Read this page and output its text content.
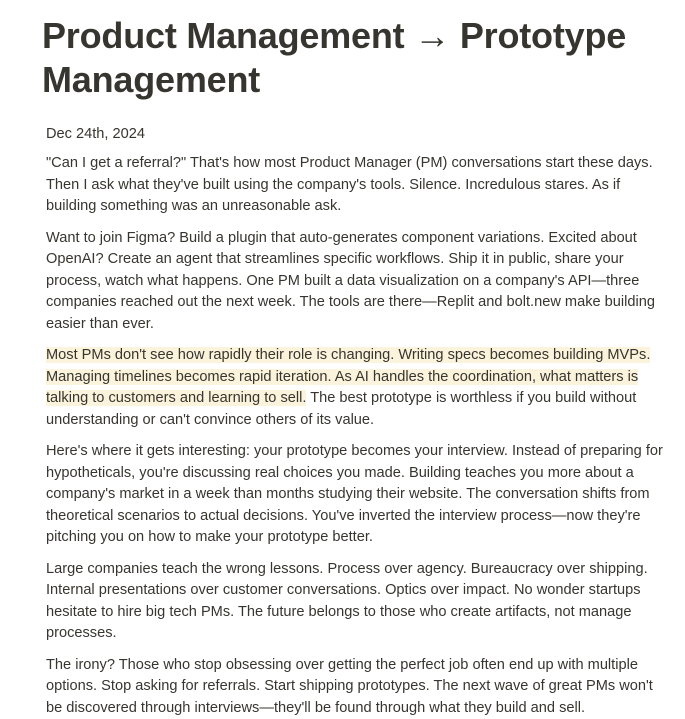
Product Management → Prototype Management
Dec 24th, 2024

"Can I get a referral?" That's how most Product Manager (PM) conversations start these days. Then I ask what they've built using the company's tools. Silence. Incredulous stares. As if building something was an unreasonable ask.

Want to join Figma? Build a plugin that auto-generates component variations. Excited about OpenAI? Create an agent that streamlines specific workflows. Ship it in public, share your process, watch what happens. One PM built a data visualization on a company's API—three companies reached out the next week. The tools are there—Replit and bolt.new make building easier than ever.

Most PMs don't see how rapidly their role is changing. Writing specs becomes building MVPs. Managing timelines becomes rapid iteration. As AI handles the coordination, what matters is talking to customers and learning to sell. The best prototype is worthless if you build without understanding or can't convince others of its value.

Here's where it gets interesting: your prototype becomes your interview. Instead of preparing for hypotheticals, you're discussing real choices you made. Building teaches you more about a company's market in a week than months studying their website. The conversation shifts from theoretical scenarios to actual decisions. You've inverted the interview process—now they're pitching you on how to make your prototype better.

Large companies teach the wrong lessons. Process over agency. Bureaucracy over shipping. Internal presentations over customer conversations. Optics over impact. No wonder startups hesitate to hire big tech PMs. The future belongs to those who create artifacts, not manage processes.

The irony? Those who stop obsessing over getting the perfect job often end up with multiple options. Stop asking for referrals. Start shipping prototypes. The next wave of great PMs won't be discovered through interviews—they'll be found through what they build and sell.
